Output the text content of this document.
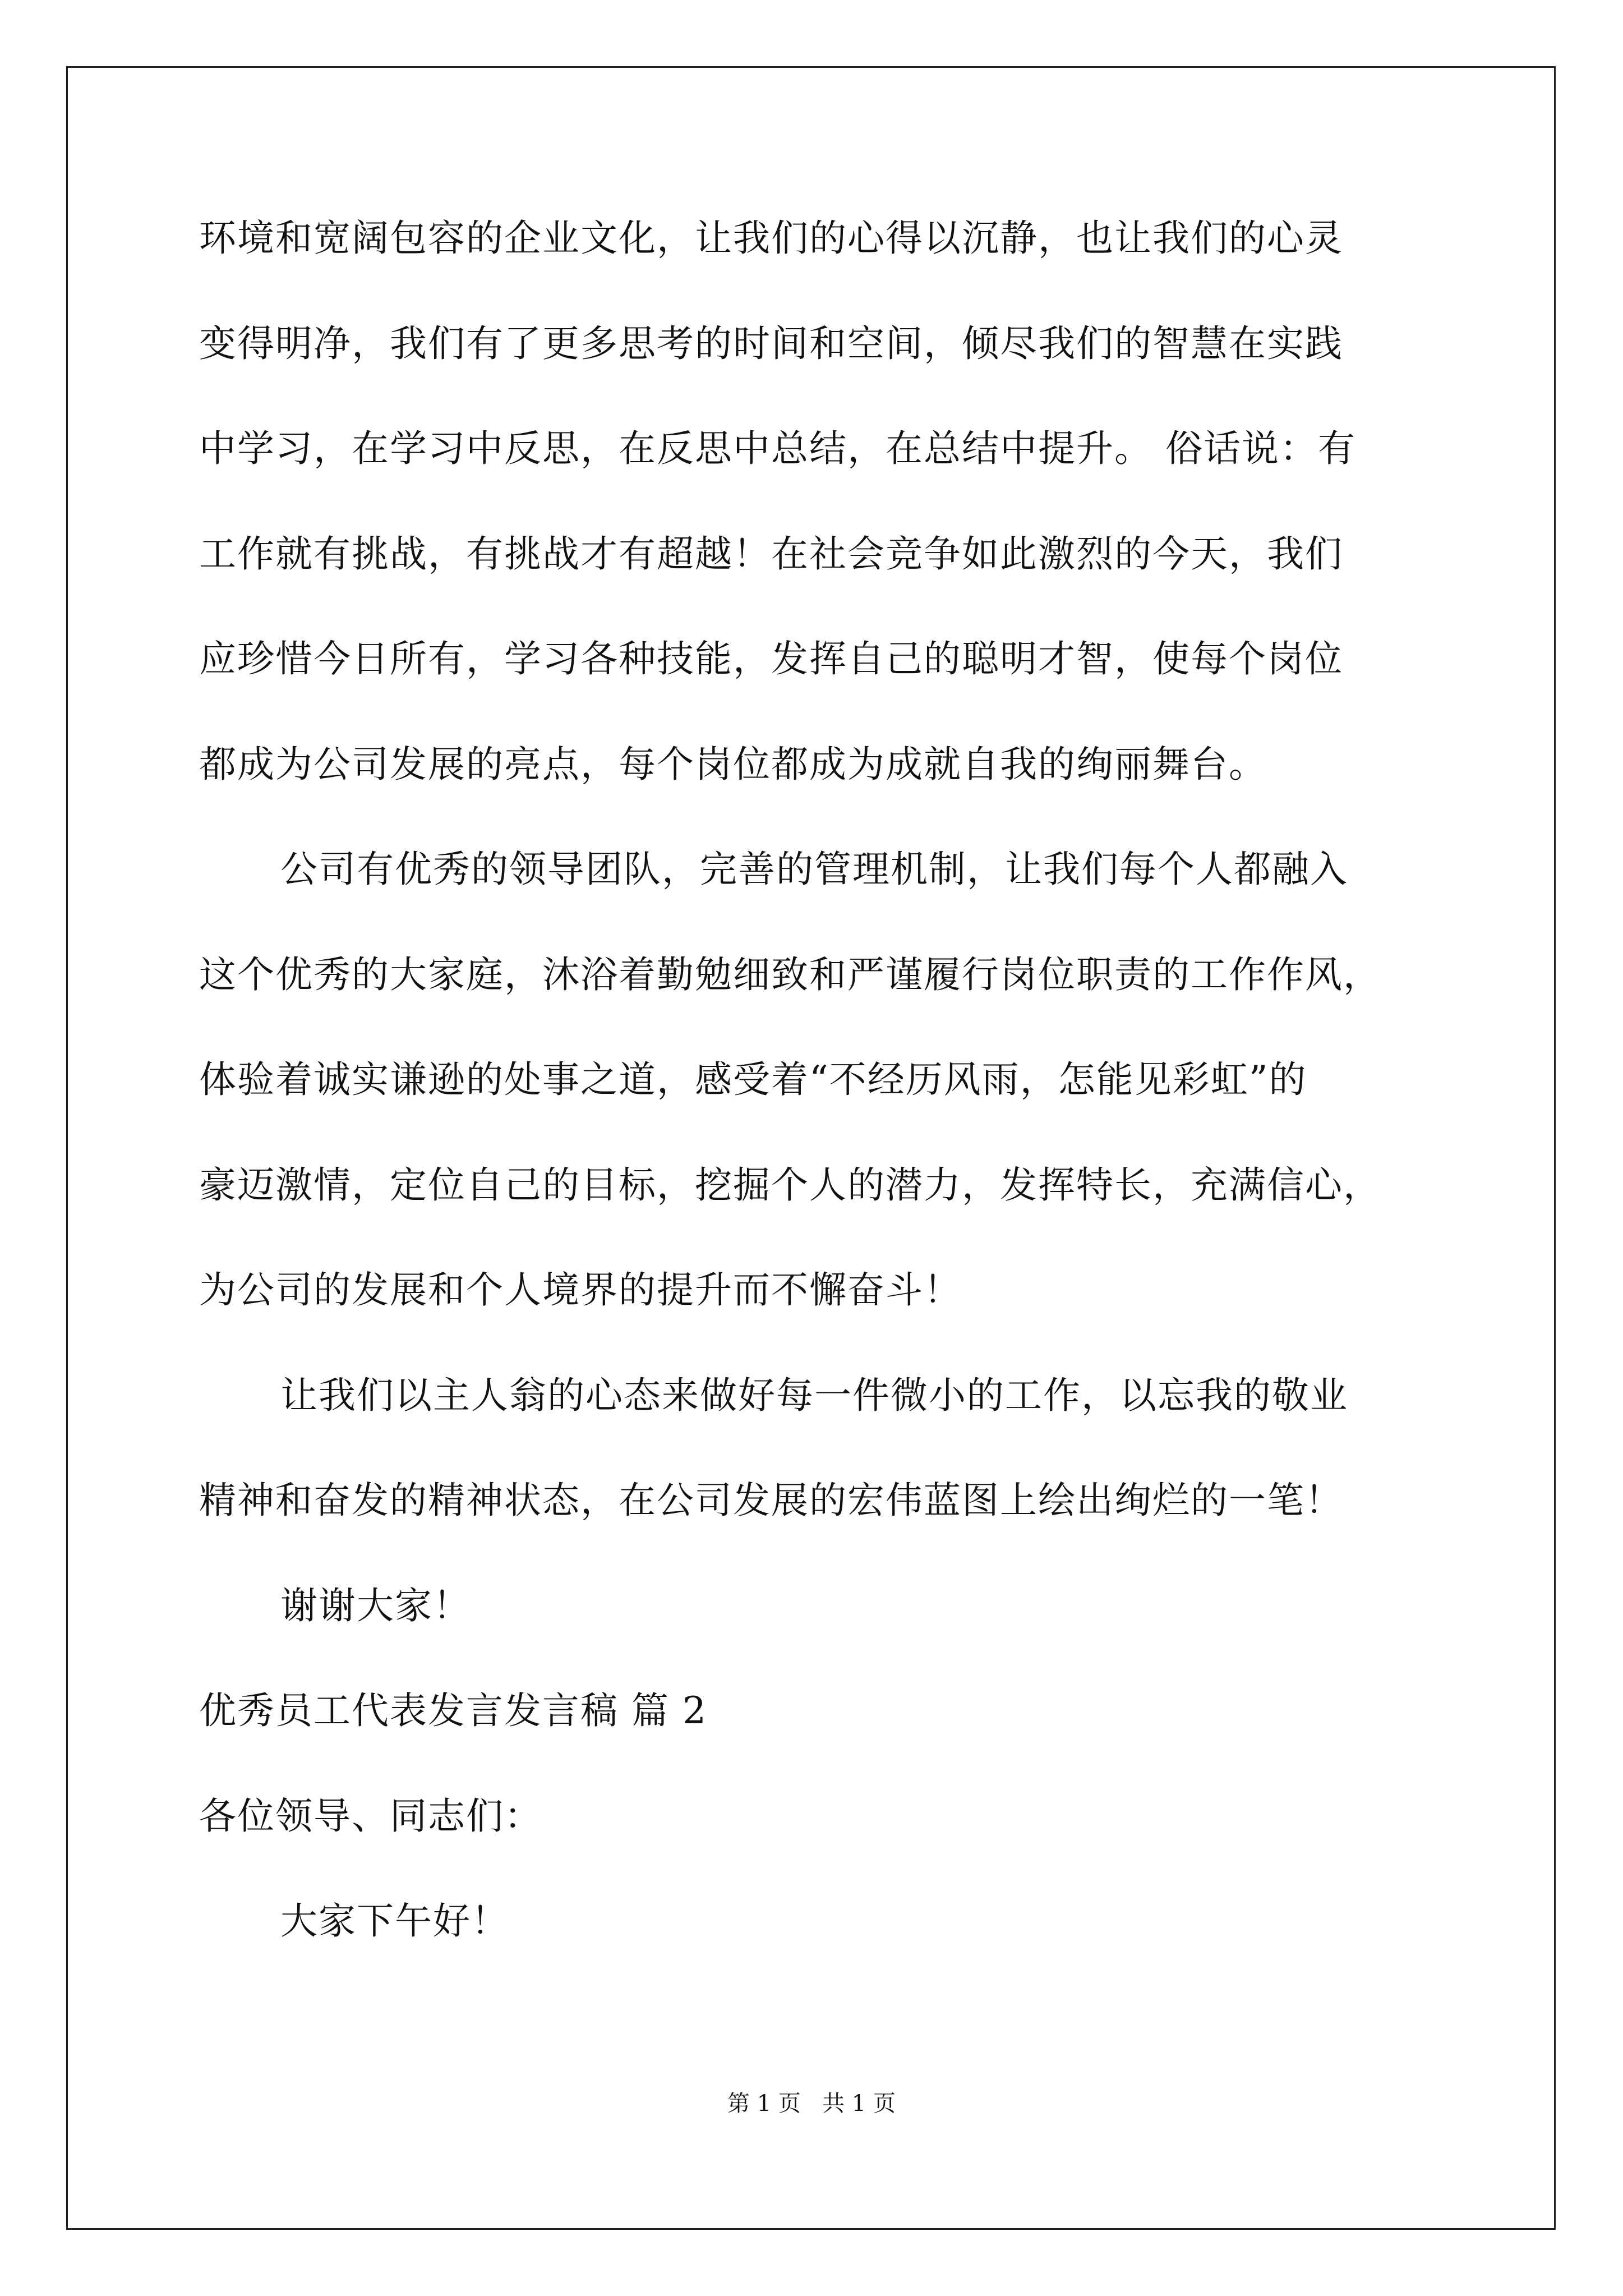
环境和宽阔包容的企业文化，让我们的心得以沉静，也让我们的心灵
变得明净，我们有了更多思考的时间和空间，倾尽我们的智慧在实践
中学习，在学习中反思，在反思中总结，在总结中提升。 俗话说：有
工作就有挑战，有挑战才有超越！在社会竞争如此激烈的今天，我们
应珍惜今日所有，学习各种技能，发挥自己的聪明才智，使每个岗位
都成为公司发展的亮点，每个岗位都成为成就自我的绚丽舞台。
公司有优秀的领导团队，完善的管理机制，让我们每个人都融入
这个优秀的大家庭，沐浴着勤勉细致和严谨履行岗位职责的工作作风，
体验着诚实谦逊的处事之道，感受着“不经历风雨，怎能见彩虹”的
豪迈激情，定位自己的目标，挖掘个人的潜力，发挥特长，充满信心，
为公司的发展和个人境界的提升而不懈奋斗！
让我们以主人翁的心态来做好每一件微小的工作，以忘我的敬业
精神和奋发的精神状态，在公司发展的宏伟蓝图上绘出绚烂的一笔！
谢谢大家！
优秀员工代表发言发言稿 篇 2
各位领导、同志们：
大家下午好！
第 1 页   共 1 页
